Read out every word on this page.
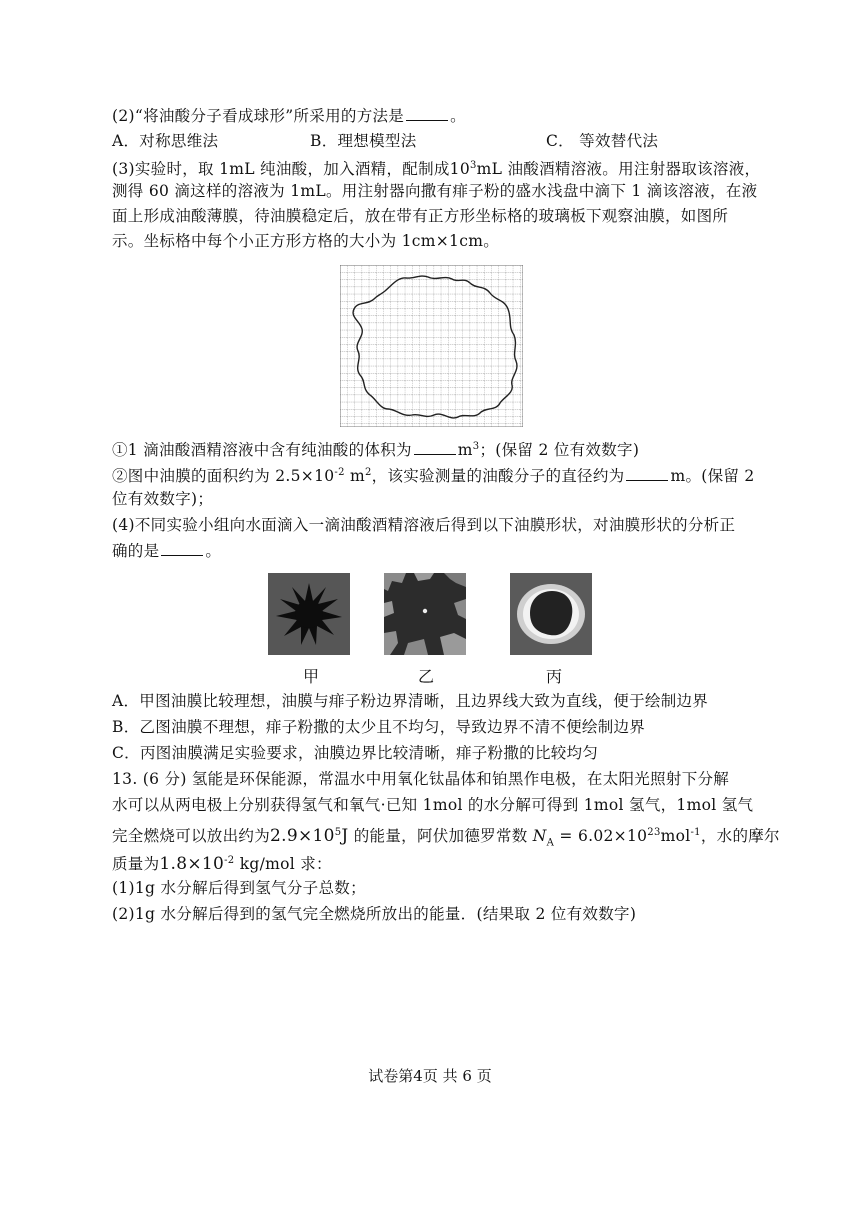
(2)“将油酸分子看成球形”所采用的方法是	。
A．对称思维法	B．理想模型法	C． 等效替代法
(3)实验时，取 1mL 纯油酸，加入酒精，配制成$10^3mL$ 油酸酒精溶液。用注射器取该溶液，
测得 60 滴这样的溶液为 1mL。用注射器向撒有痱子粉的盛水浅盘中滴下 1 滴该溶液，在液
面上形成油酸薄膜，待油膜稳定后，放在带有正方形坐标格的玻璃板下观察油膜，如图所
示。坐标格中每个小正方形方格的大小为 1cm×1cm。
①1 滴油酸酒精溶液中含有纯油酸的体积为	$m^3$；(保留 2 位有效数字)
②图中油膜的面积约为 $2.5\times 10^{-2}$ $m^2$，该实验测量的油酸分子的直径约为	m。(保留 2
位有效数字)；
(4)不同实验小组向水面滴入一滴油酸酒精溶液后得到以下油膜形状，对油膜形状的分析正
确的是	。
甲	乙	丙
A．甲图油膜比较理想，油膜与痱子粉边界清晰，且边界线大致为直线，便于绘制边界
B．乙图油膜不理想，痱子粉撒的太少且不均匀，导致边界不清不便绘制边界
C．丙图油膜满足实验要求，油膜边界比较清晰，痱子粉撒的比较均匀
13. (6 分) 氢能是环保能源，常温水中用氧化钛晶体和铂黑作电极，在太阳光照射下分解
水可以从两电极上分别获得氢气和氧气·已知 1mol 的水分解可得到 1mol 氢气，1mol 氢气
完全燃烧可以放出约为$2.9\times 10^5J$ 的能量，阿伏加德罗常数 $N_A = 6.02\times 10^{23}mol^{-1}$，水的摩尔
质量为$1.8\times 10^{-2}$ kg/mol 求：
(1)1g 水分解后得到氢气分子总数；
(2)1g 水分解后得到的氢气完全燃烧所放出的能量．(结果取 2 位有效数字)
试卷第4页 共 6 页
